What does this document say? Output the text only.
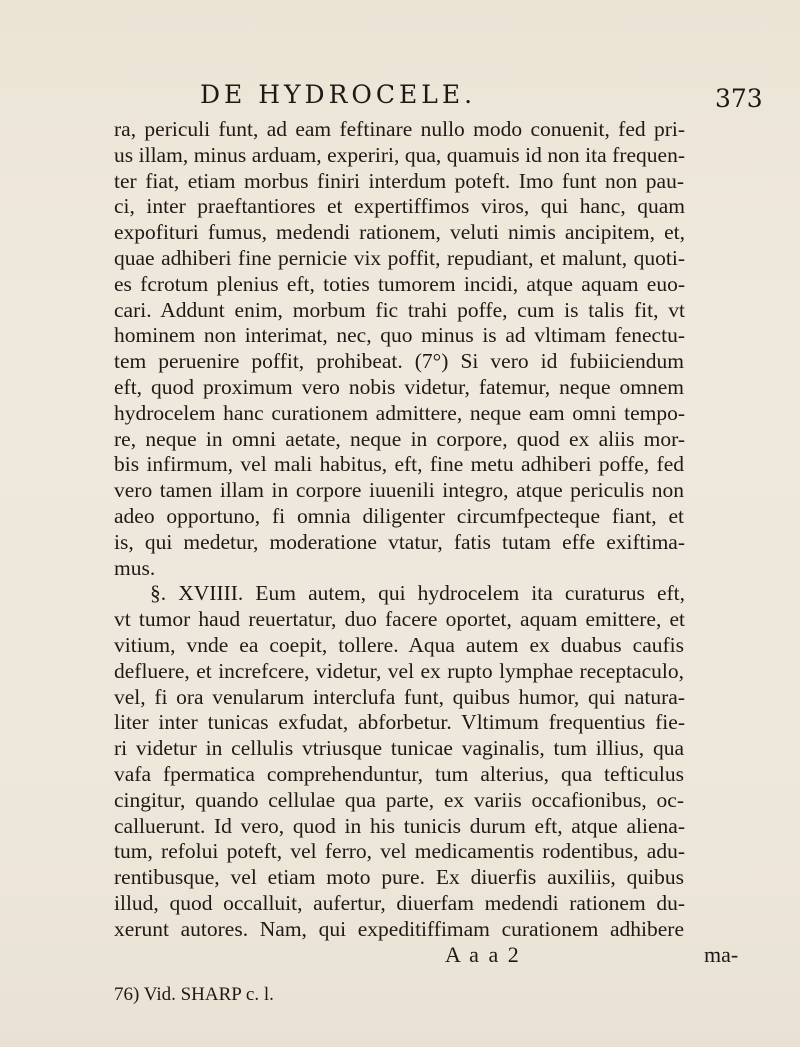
DE HYDROCELE.	373
ra, periculi funt, ad eam feftinare nullo modo conuenit, fed pri-
us illam, minus arduam, experiri, qua, quamuis id non ita frequen-
ter fiat, etiam morbus finiri interdum poteft. Imo funt non pau-
ci, inter praeftantiores et expertiffimos viros, qui hanc, quam
expofituri fumus, medendi rationem, veluti nimis ancipitem, et,
quae adhiberi fine pernicie vix poffit, repudiant, et malunt, quoti-
es fcrotum plenius eft, toties tumorem incidi, atque aquam euo-
cari. Addunt enim, morbum fic trahi poffe, cum is talis fit, vt
hominem non interimat, nec, quo minus is ad vltimam fenectu-
tem peruenire poffit, prohibeat. (7°) Si vero id fubiiciendum
eft, quod proximum vero nobis videtur, fatemur, neque omnem
hydrocelem hanc curationem admittere, neque eam omni tempo-
re, neque in omni aetate, neque in corpore, quod ex aliis mor-
bis infirmum, vel mali habitus, eft, fine metu adhiberi poffe, fed
vero tamen illam in corpore iuuenili integro, atque periculis non
adeo opportuno, fi omnia diligenter circumfpecteque fiant, et
is, qui medetur, moderatione vtatur, fatis tutam effe exiftima-
mus.
§. XVIIII. Eum autem, qui hydrocelem ita curaturus eft,
vt tumor haud reuertatur, duo facere oportet, aquam emittere, et
vitium, vnde ea coepit, tollere. Aqua autem ex duabus caufis
defluere, et increfcere, videtur, vel ex rupto lymphae receptaculo,
vel, fi ora venularum interclufa funt, quibus humor, qui natura-
liter inter tunicas exfudat, abforbetur. Vltimum frequentius fie-
ri videtur in cellulis vtriusque tunicae vaginalis, tum illius, qua
vafa fpermatica comprehenduntur, tum alterius, qua tefticulus
cingitur, quando cellulae qua parte, ex variis occafionibus, oc-
calluerunt. Id vero, quod in his tunicis durum eft, atque aliena-
tum, refolui poteft, vel ferro, vel medicamentis rodentibus, adu-
rentibusque, vel etiam moto pure. Ex diuerfis auxiliis, quibus
illud, quod occalluit, aufertur, diuerfam medendi rationem du-
xerunt autores. Nam, qui expeditiffimam curationem adhibere
A a a 2	ma-
76) Vid. SHARP c. l.
